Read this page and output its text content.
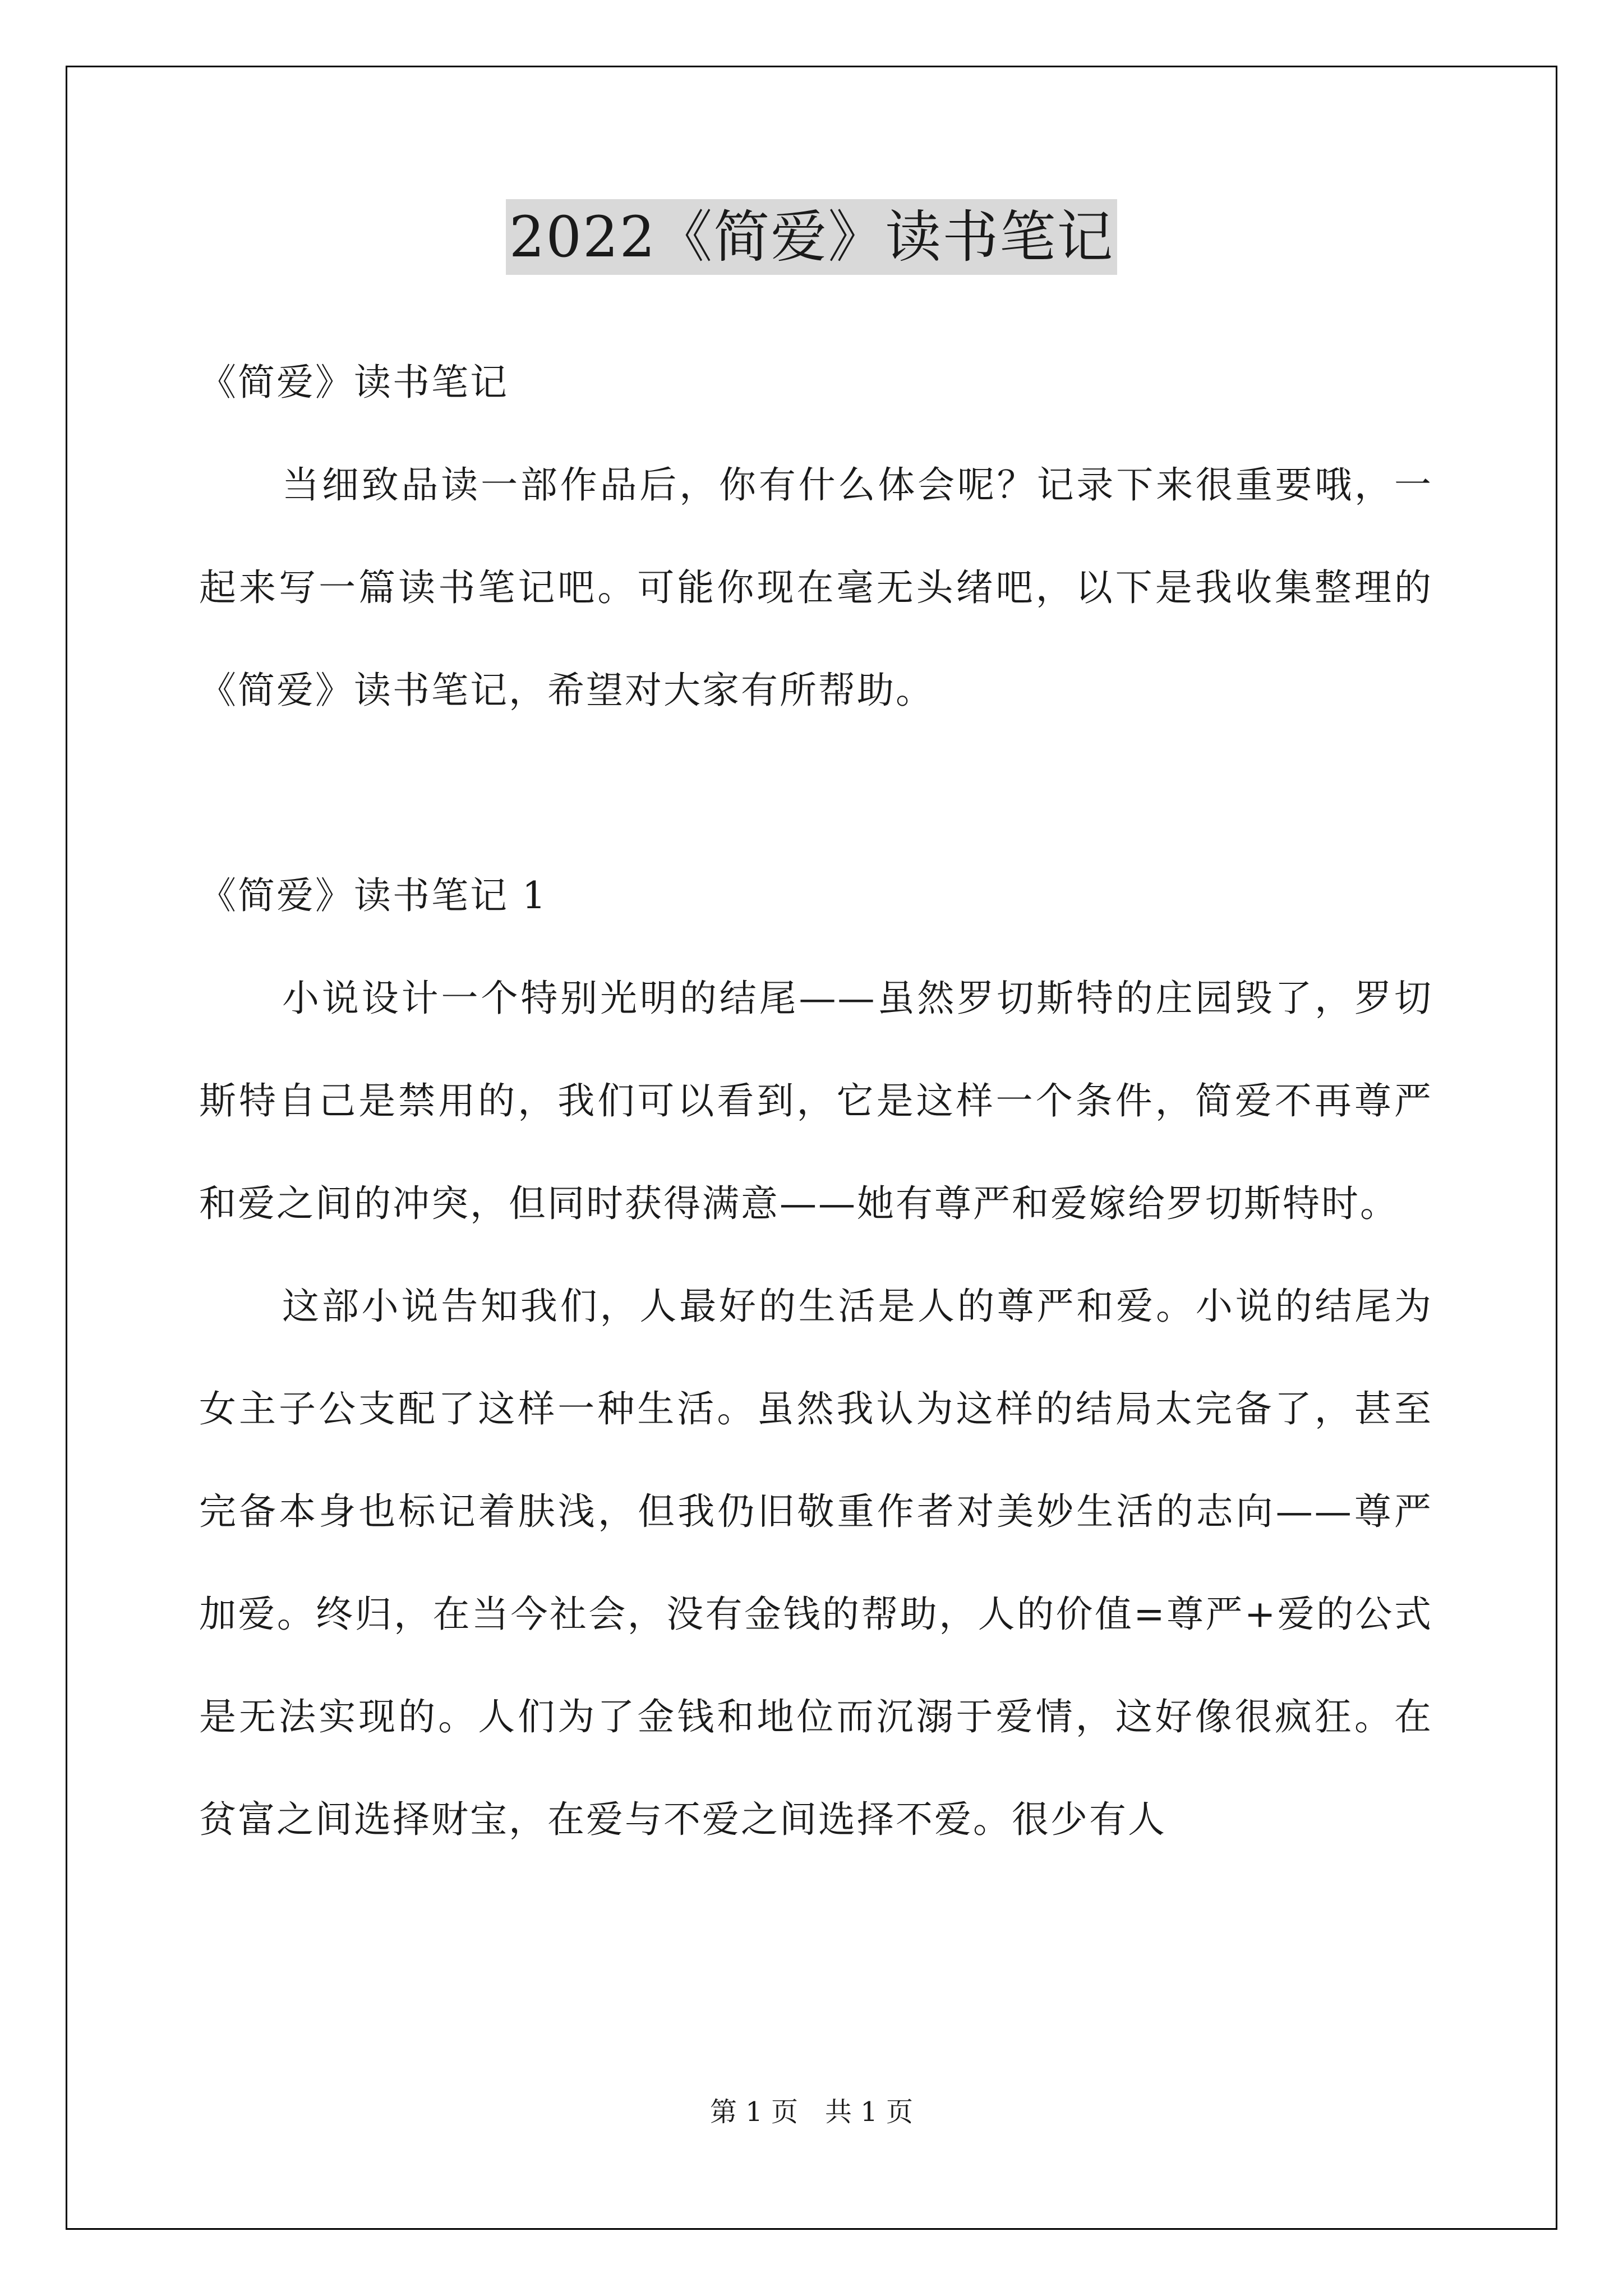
2022《简爱》读书笔记

《简爱》读书笔记

当细致品读一部作品后，你有什么体会呢？记录下来很重要哦，一起来写一篇读书笔记吧。可能你现在毫无头绪吧，以下是我收集整理的《简爱》读书笔记，希望对大家有所帮助。

《简爱》读书笔记 1

小说设计一个特别光明的结尾——虽然罗切斯特的庄园毁了，罗切斯特自己是禁用的，我们可以看到，它是这样一个条件，简爱不再尊严和爱之间的冲突，但同时获得满意——她有尊严和爱嫁给罗切斯特时。

这部小说告知我们，人最好的生活是人的尊严和爱。小说的结尾为女主子公支配了这样一种生活。虽然我认为这样的结局太完备了，甚至完备本身也标记着肤浅，但我仍旧敬重作者对美妙生活的志向——尊严加爱。终归，在当今社会，没有金钱的帮助，人的价值=尊严+爱的公式是无法实现的。人们为了金钱和地位而沉溺于爱情，这好像很疯狂。在贫富之间选择财宝，在爱与不爱之间选择不爱。很少有人

第 1 页　共 1 页
